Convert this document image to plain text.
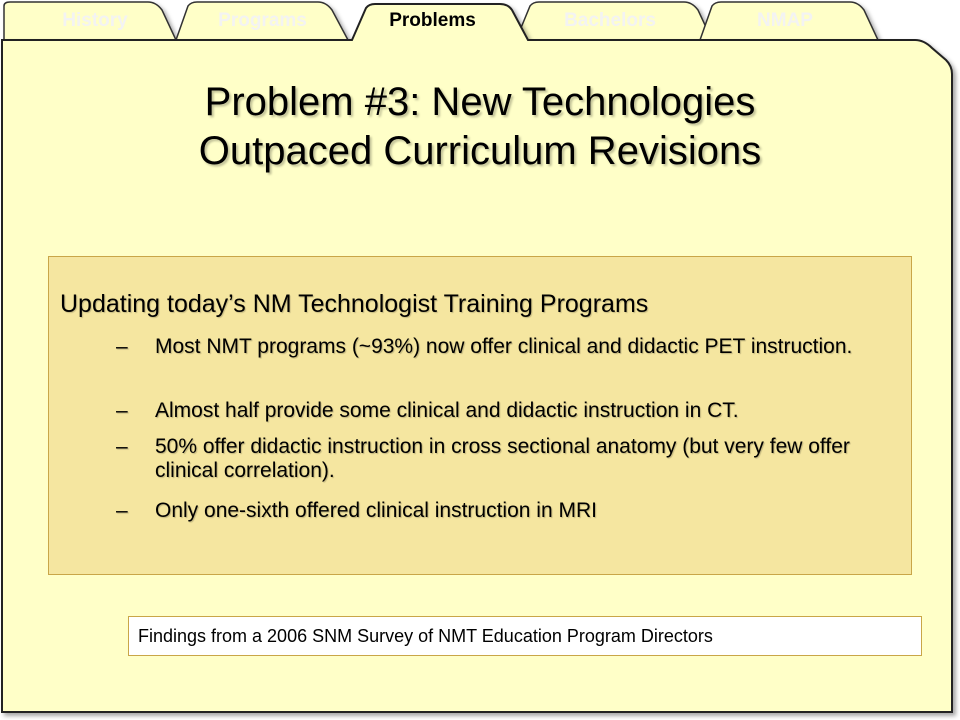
History	Programs	Problems	Bachelors	NMAP
Problem #3: New Technologies
Outpaced Curriculum Revisions
Updating today’s NM Technologist Training Programs
–	Most NMT programs (~93%) now offer clinical and didactic PET instruction.
–	Almost half provide some clinical and didactic instruction in CT.
–	50% offer didactic instruction in cross sectional anatomy (but very few offer clinical correlation).
–	Only one-sixth offered clinical instruction in MRI
Findings from a 2006 SNM Survey of NMT Education Program Directors
